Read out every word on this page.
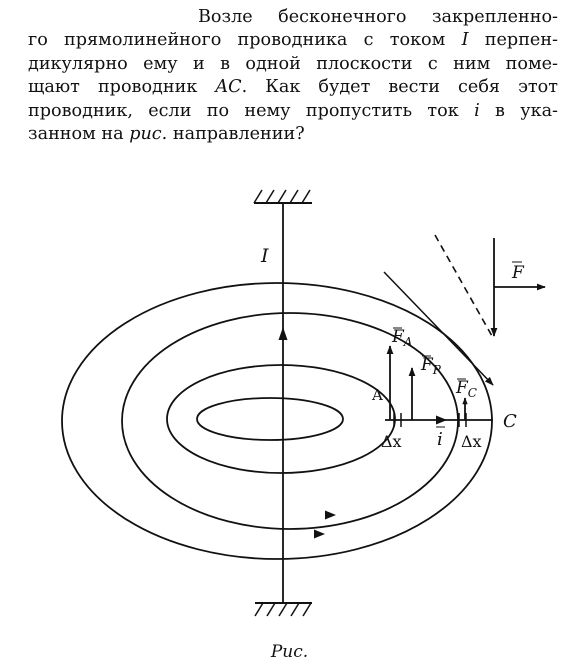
Возле бесконечного закрепленно-
го прямолинейного проводника с током I перпен-
дикулярно ему и в одной плоскости с ним поме-
щают проводник AC. Как будет вести себя этот
проводник, если по нему пропустить ток i в ука-
занном на рис. направлении?
I
A
C
i
Δx	Δx
$F_A$
$F_P$
$F_C$
F
Рис.
